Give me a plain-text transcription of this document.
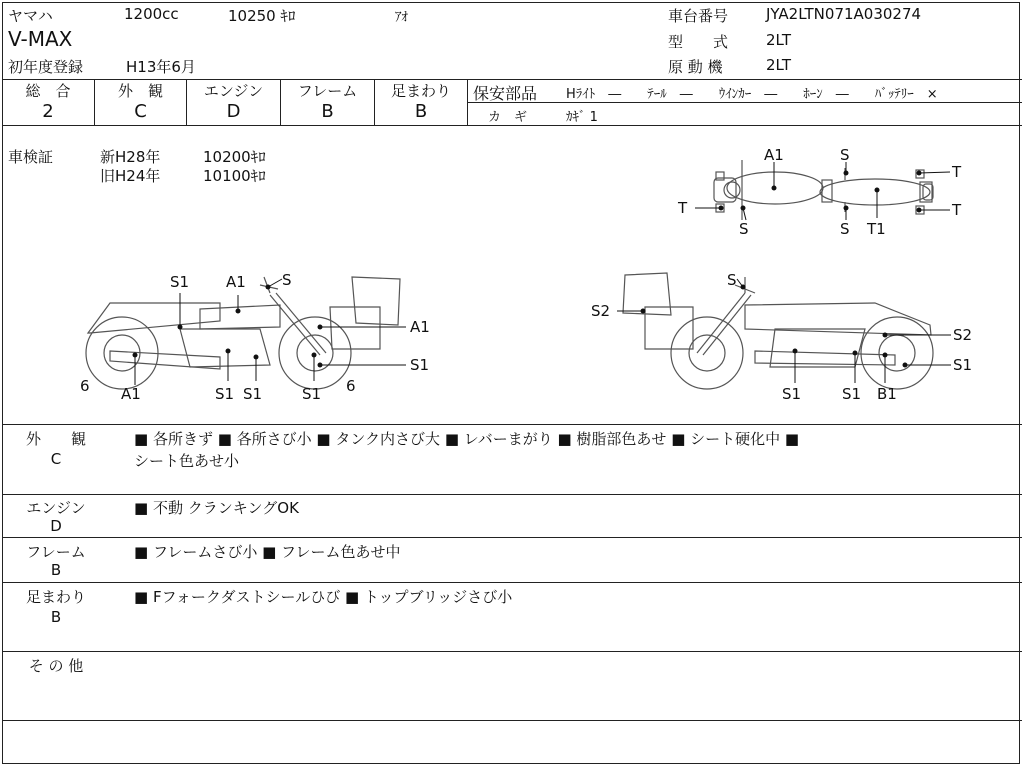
ヤマハ	1200cc	10250 ｷﾛ	ｱｵ
V-MAX
初年度登録	H13年6月
車台番号	JYA2LTN071A030274
型　　式	2LT
原 動 機	2LT
総　合
2
外　観
C
エンジン
D
フレーム
B
足まわり
B
保安部品 Hﾗｲﾄ　―　　ﾃｰﾙ　―　　ｳｲﾝｶｰ　―　　ﾎｰﾝ　―　　ﾊﾞｯﾃﾘｰ　×
カ　ギ	ｶｷﾞ 1
車検証	新H28年	10200ｷﾛ
旧H24年	10100ｷﾛ
A1	S
T
T
T
S	S T1
S1 A1 S
A1
S1
6 A1	S1 S1	S1 6
S
S2
S2
S1
S1	S1 B1
外　　観
C
■ 各所きず ■ 各所さび小 ■ タンク内さび大 ■ レバーまがり ■ 樹脂部色あせ ■ シート硬化中 ■
シート色あせ小
エンジン
D
■ 不動 クランキングOK
フレーム
B
■ フレームさび小 ■ フレーム色あせ中
足まわり
B
■ Fフォークダストシールひび ■ トップブリッジさび小
そ の 他
